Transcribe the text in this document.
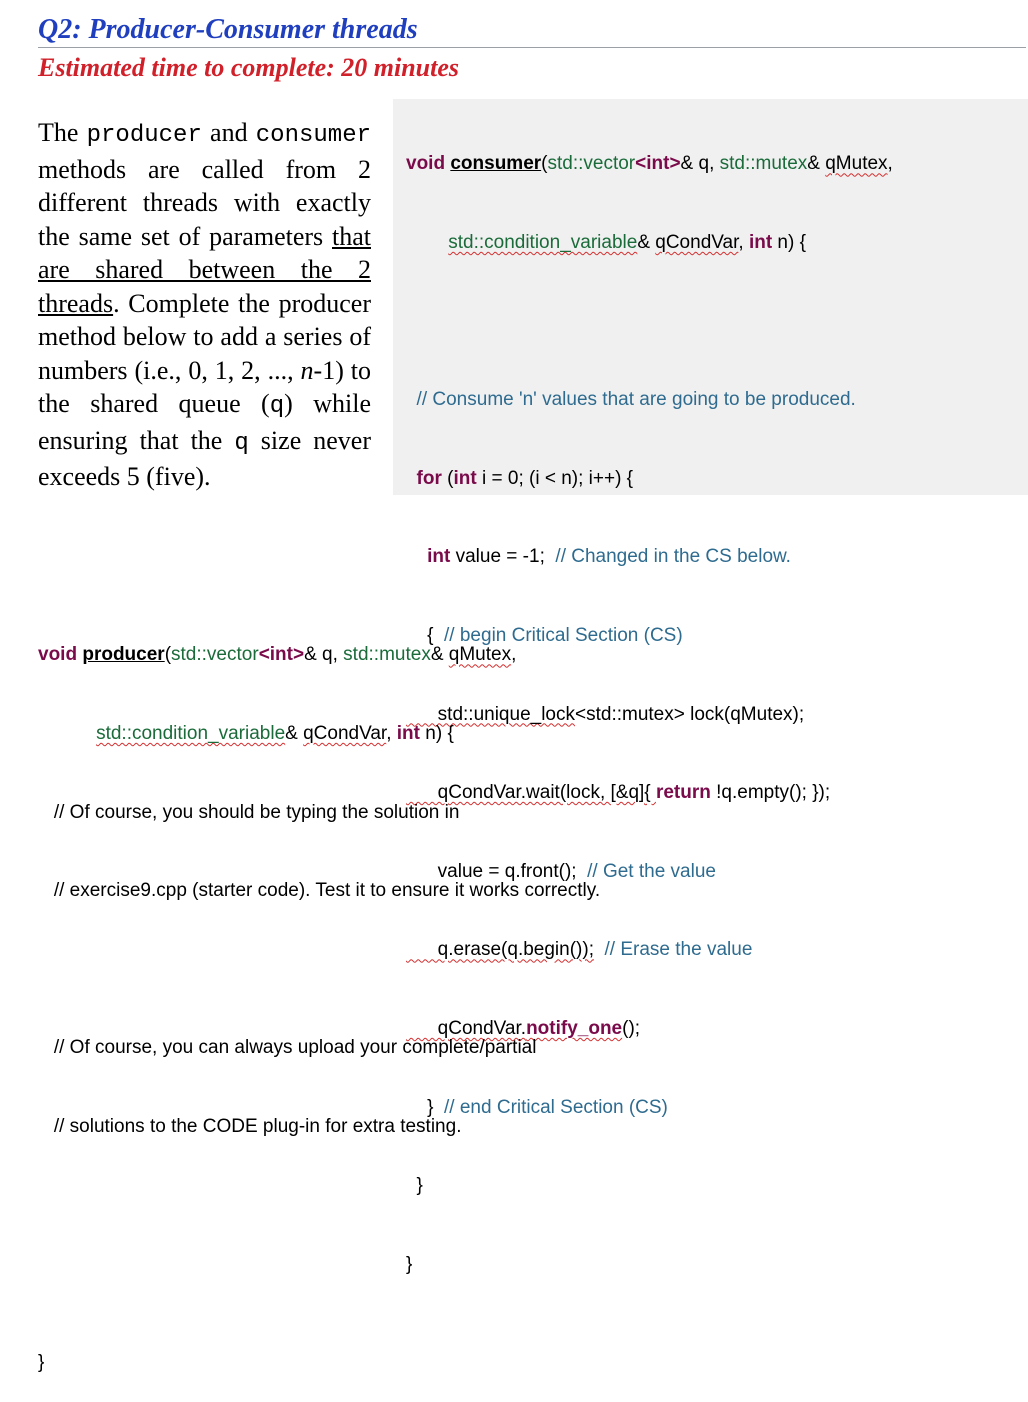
Q2: Producer-Consumer threads
Estimated time to complete: 20 minutes

The producer and consumer methods are called from 2 different threads with exactly the same set of parameters that are shared between the 2 threads. Complete the producer method below to add a series of numbers (i.e., 0, 1, 2, ..., n-1) to the shared queue (q) while ensuring that the q size never exceeds 5 (five).

void consumer(std::vector<int>& q, std::mutex& qMutex,

std::condition_variable& qCondVar, int n) {

// Consume 'n' values that are going to be produced.

for (int i = 0; (i < n); i++) {

int value = -1;  // Changed in the CS below.

{  // begin Critical Section (CS)

std::unique_lock<std::mutex> lock(qMutex);

qCondVar.wait(lock, [&q]{ return !q.empty(); });

value = q.front();  // Get the value

q.erase(q.begin());  // Erase the value

qCondVar.notify_one();

}  // end Critical Section (CS)

}

}

void producer(std::vector<int>& q, std::mutex& qMutex,

std::condition_variable& qCondVar, int n) {

// Of course, you should be typing the solution in

// exercise9.cpp (starter code). Test it to ensure it works correctly.

// Of course, you can always upload your complete/partial

// solutions to the CODE plug-in for extra testing.

}
